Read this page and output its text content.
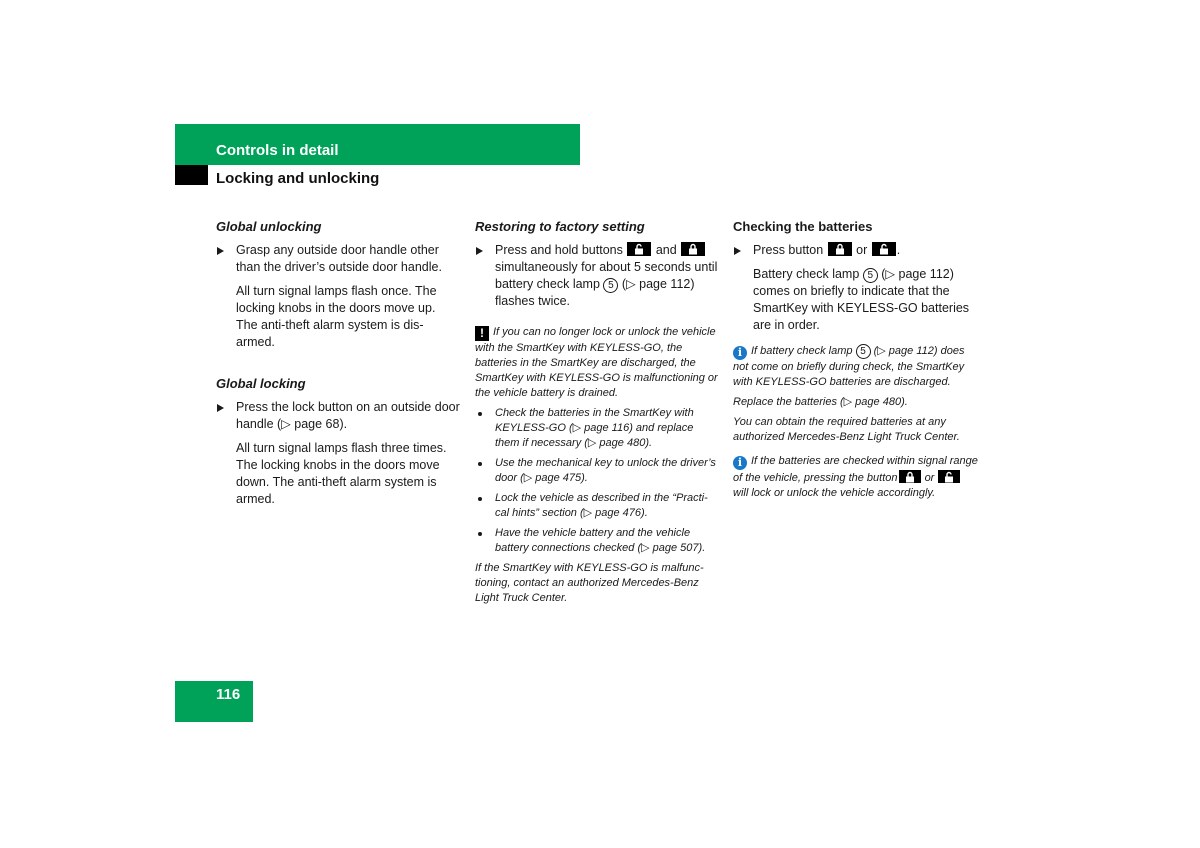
Controls in detail
Locking and unlocking
Global unlocking
Grasp any outside door handle other than the driver’s outside door handle.
All turn signal lamps flash once. The locking knobs in the doors move up. The anti-theft alarm system is dis-armed.
Global locking
Press the lock button on an outside door handle (▷ page 68).
All turn signal lamps flash three times. The locking knobs in the doors move down. The anti-theft alarm system is armed.
Restoring to factory setting
Press and hold buttons	and
simultaneously for about 5 seconds until battery check lamp 5 (▷ page 112) flashes twice.
! If you can no longer lock or unlock the vehicle with the SmartKey with KEYLESS-GO, the batteries in the SmartKey are discharged, the SmartKey with KEYLESS-GO is malfunctioning or the vehicle battery is drained.
Check the batteries in the SmartKey with KEYLESS-GO (▷ page 116) and replace them if necessary (▷ page 480).
Use the mechanical key to unlock the driver’s door (▷ page 475).
Lock the vehicle as described in the “Practi-cal hints” section (▷ page 476).
Have the vehicle battery and the vehicle battery connections checked (▷ page 507).
If the SmartKey with KEYLESS-GO is malfunc-tioning, contact an authorized Mercedes-Benz Light Truck Center.
Checking the batteries
Press button	or .
Battery check lamp 5 (▷ page 112) comes on briefly to indicate that the SmartKey with KEYLESS-GO batteries are in order.
i If battery check lamp 5 (▷ page 112) does not come on briefly during check, the SmartKey with KEYLESS-GO batteries are discharged.
Replace the batteries (▷ page 480).
You can obtain the required batteries at any authorized Mercedes-Benz Light Truck Center.
i If the batteries are checked within signal range of the vehicle, pressing the button or
will lock or unlock the vehicle accordingly.
116
